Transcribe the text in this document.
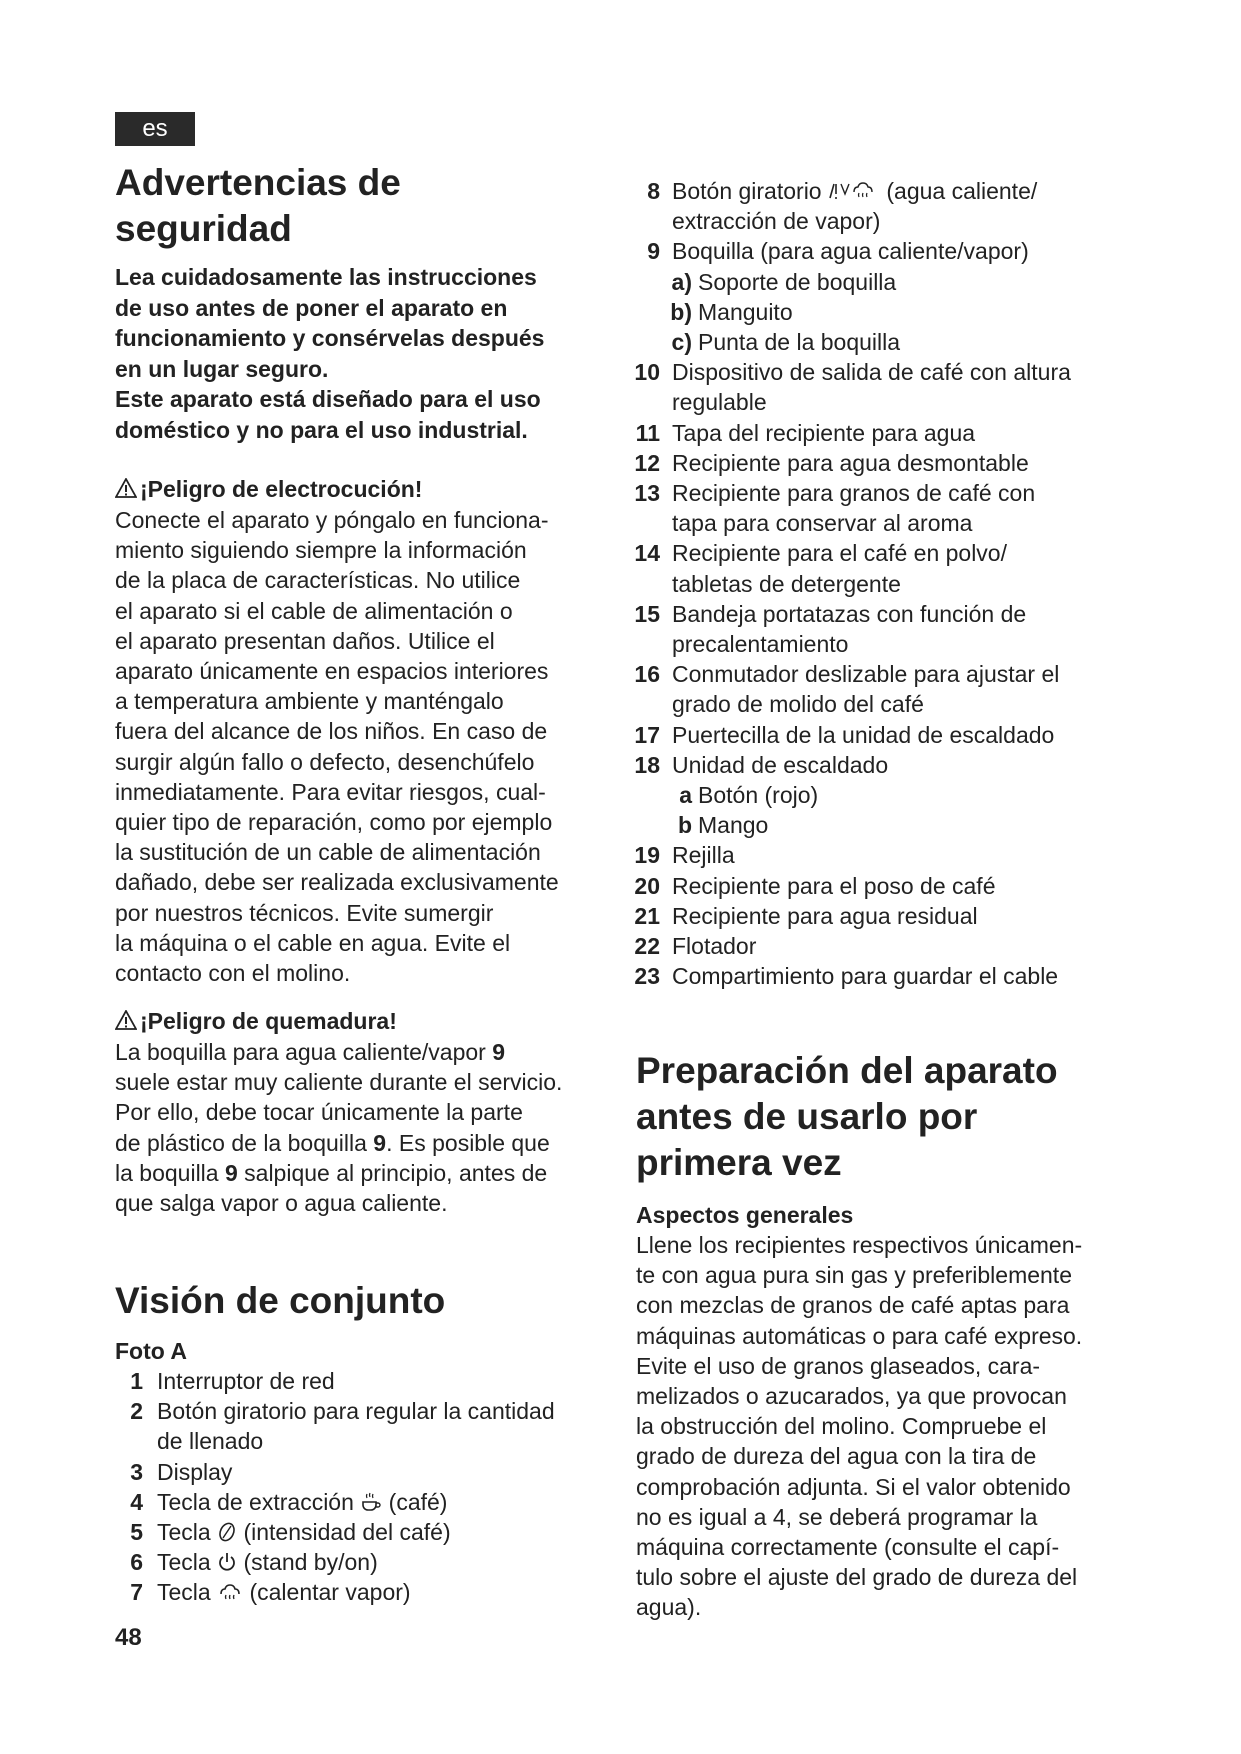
es
Advertencias de
seguridad
Lea cuidadosamente las instrucciones
de uso antes de poner el aparato en
funcionamiento y consérvelas después
en un lugar seguro.
Este aparato está diseñado para el uso
doméstico y no para el uso industrial.
¡Peligro de electrocución!
Conecte el aparato y póngalo en funciona-
miento siguiendo siempre la información
de la placa de características. No utilice
el aparato si el cable de alimentación o
el aparato presentan daños. Utilice el
aparato únicamente en espacios interiores
a temperatura ambiente y manténgalo
fuera del alcance de los niños. En caso de
surgir algún fallo o defecto, desenchúfelo
inmediatamente. Para evitar riesgos, cual-
quier tipo de reparación, como por ejemplo
la sustitución de un cable de alimentación
dañado, debe ser realizada exclusivamente
por nuestros técnicos. Evite sumergir
la máquina o el cable en agua. Evite el
contacto con el molino.
¡Peligro de quemadura!
La boquilla para agua caliente/vapor 9
suele estar muy caliente durante el servicio.
Por ello, debe tocar únicamente la parte
de plástico de la boquilla 9. Es posible que
la boquilla 9 salpique al principio, antes de
que salga vapor o agua caliente.
Visión de conjunto
Foto A
1 Interruptor de red
2 Botón giratorio para regular la cantidad
de llenado
3 Display
4 Tecla de extracción  (café)
5 Tecla  (intensidad del café)
6 Tecla  (stand by/on)
7 Tecla  (calentar vapor)
48
8 Botón giratorio  (agua caliente/
extracción de vapor)
9 Boquilla (para agua caliente/vapor)
a) Soporte de boquilla
b) Manguito
c) Punta de la boquilla
10 Dispositivo de salida de café con altura
regulable
11 Tapa del recipiente para agua
12 Recipiente para agua desmontable
13 Recipiente para granos de café con
tapa para conservar al aroma
14 Recipiente para el café en polvo/
tabletas de detergente
15 Bandeja portatazas con función de
precalentamiento
16 Conmutador deslizable para ajustar el
grado de molido del café
17 Puertecilla de la unidad de escaldado
18 Unidad de escaldado
a Botón (rojo)
b Mango
19 Rejilla
20 Recipiente para el poso de café
21 Recipiente para agua residual
22 Flotador
23 Compartimiento para guardar el cable
Preparación del aparato
antes de usarlo por
primera vez
Aspectos generales
Llene los recipientes respectivos únicamen-
te con agua pura sin gas y preferiblemente
con mezclas de granos de café aptas para
máquinas automáticas o para café expreso.
Evite el uso de granos glaseados, cara-
melizados o azucarados, ya que provocan
la obstrucción del molino. Compruebe el
grado de dureza del agua con la tira de
comprobación adjunta. Si el valor obtenido
no es igual a 4, se deberá programar la
máquina correctamente (consulte el capí-
tulo sobre el ajuste del grado de dureza del
agua).
